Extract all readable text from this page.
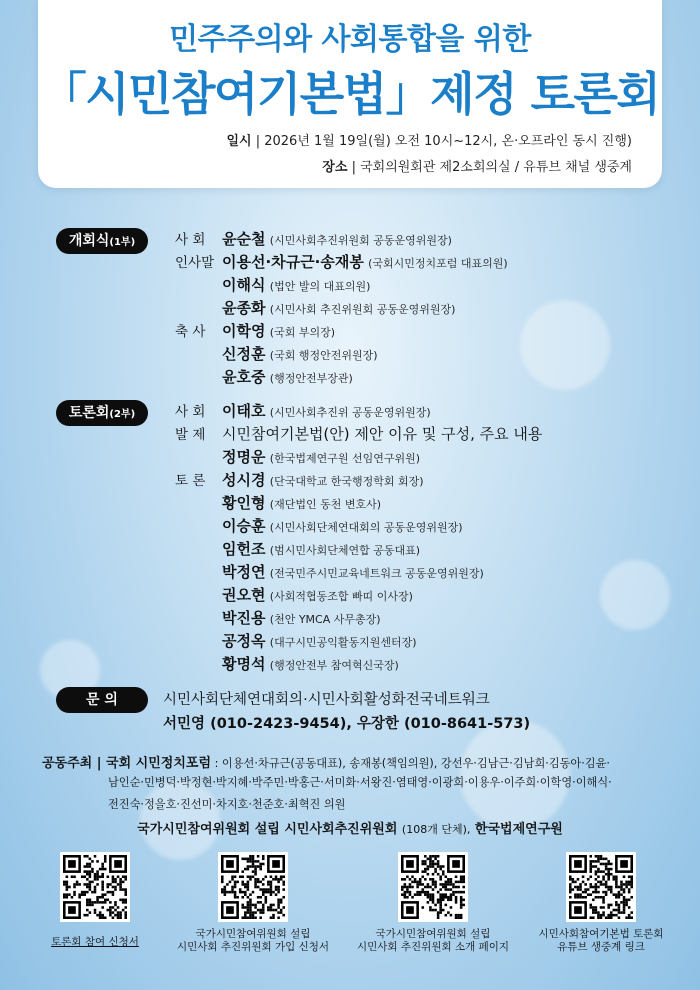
민주주의와 사회통합을 위한
「시민참여기본법」제정 토론회
일시 | 2026년 1월 19일(월) 오전 10시~12시, 온·오프라인 동시 진행)
장소 | 국회의원회관 제2소회의실 / 유튜브 채널 생중계
개회식(1부)	사 회 윤순철 (시민사회추진위원회 공동운영위원장)
인사말 이용선·차규근·송재봉 (국회시민정치포럼 대표의원)
이해식 (법안 발의 대표의원)
윤종화 (시민사회 추진위원회 공동운영위원장)
축 사 이학영 (국회 부의장)
신정훈 (국회 행정안전위원장)
윤호중 (행정안전부장관)
토론회(2부)	사 회 이태호 (시민사회추진위 공동운영위원장)
발 제 시민참여기본법(안) 제안 이유 및 구성, 주요 내용
정명운 (한국법제연구원 선임연구위원)
토 론 성시경 (단국대학교 한국행정학회 회장)
황인형 (재단법인 동천 변호사)
이승훈 (시민사회단체연대회의 공동운영위원장)
임헌조 (범시민사회단체연합 공동대표)
박정연 (전국민주시민교육네트워크 공동운영위원장)
권오현 (사회적협동조합 빠띠 이사장)
박진용 (천안 YMCA 사무총장)
공정옥 (대구시민공익활동지원센터장)
황명석 (행정안전부 참여혁신국장)
문 의	시민사회단체연대회의·시민사회활성화전국네트워크
서민영 (010-2423-9454), 우장한 (010-8641-573)
공동주최 | 국회 시민정치포럼 : 이용선·차규근(공동대표), 송재봉(책임의원), 강선우·김남근·김남희·김동아·김윤·
남인순·민병덕·박정현·박지혜·박주민·박홍근·서미화·서왕진·염태영·이광희·이용우·이주희·이학영·이해식·
전진숙·정을호·진선미·차지호·천준호·최혁진 의원
국가시민참여위원회 설립 시민사회추진위원회 (108개 단체), 한국법제연구원
토론회 참여 신청서
국가시민참여위원회 설립
시민사회 추진위원회 가입 신청서
국가시민참여위원회 설립
시민사회 추진위원회 소개 페이지
시민사회참여기본법 토론회
유튜브 생중계 링크
